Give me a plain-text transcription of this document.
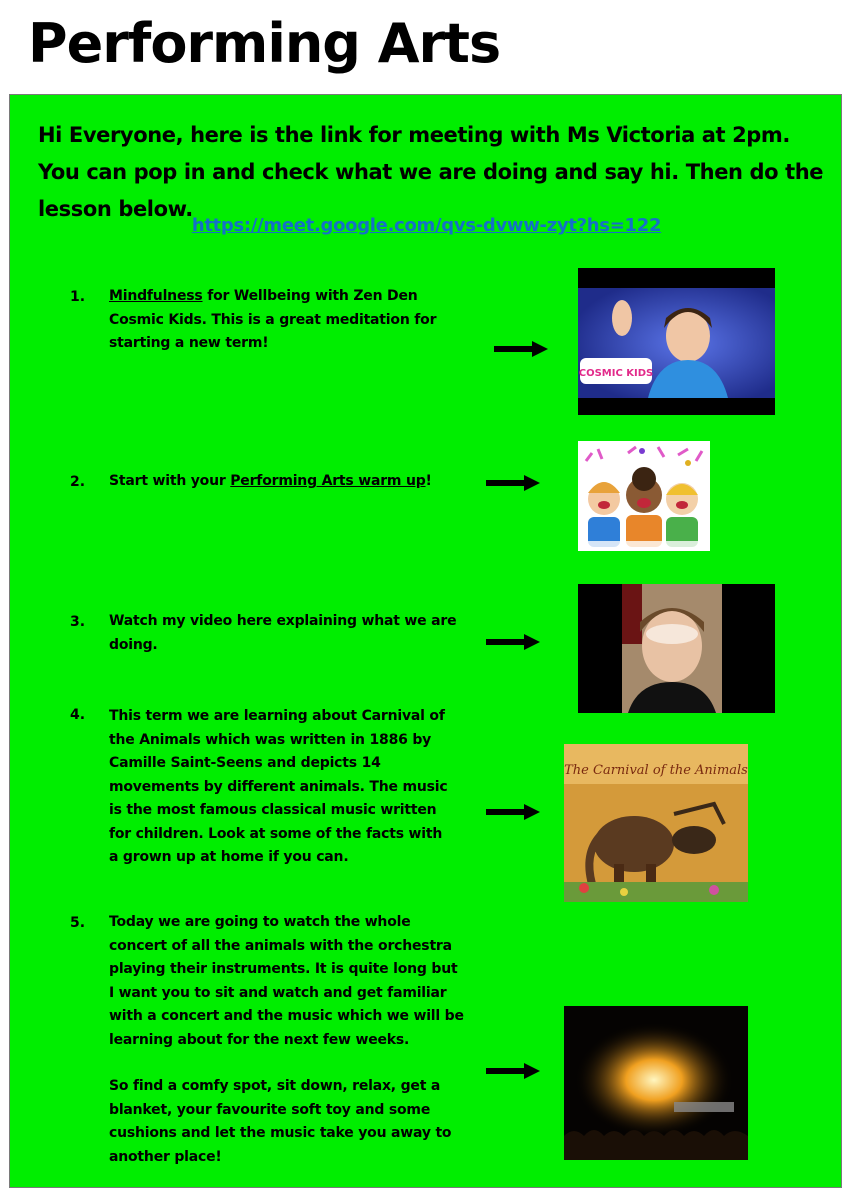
Performing Arts

Hi Everyone, here is the link for meeting with Ms Victoria at 2pm. You can pop in and check what we are doing and say hi. Then do the lesson below.

https://meet.google.com/qvs-dvww-zyt?hs=122
1. Mindfulness for Wellbeing with Zen Den Cosmic Kids. This is a great meditation for starting a new term!
COSMIC KIDS
2. Start with your Performing Arts warm up!
3. Watch my video here explaining what we are doing.
4. This term we are learning about Carnival of the Animals which was written in 1886 by Camille Saint-Seens and depicts 14 movements by different animals. The music is the most famous classical music written for children. Look at some of the facts with a grown up at home if you can.
The Carnival of the Animals
5. Today we are going to watch the whole concert of all the animals with the orchestra playing their instruments. It is quite long but I want you to sit and watch and get familiar with a concert and the music which we will be learning about for the next few weeks.
So find a comfy spot, sit down, relax, get a blanket, your favourite soft toy and some cushions and let the music take you away to another place!
